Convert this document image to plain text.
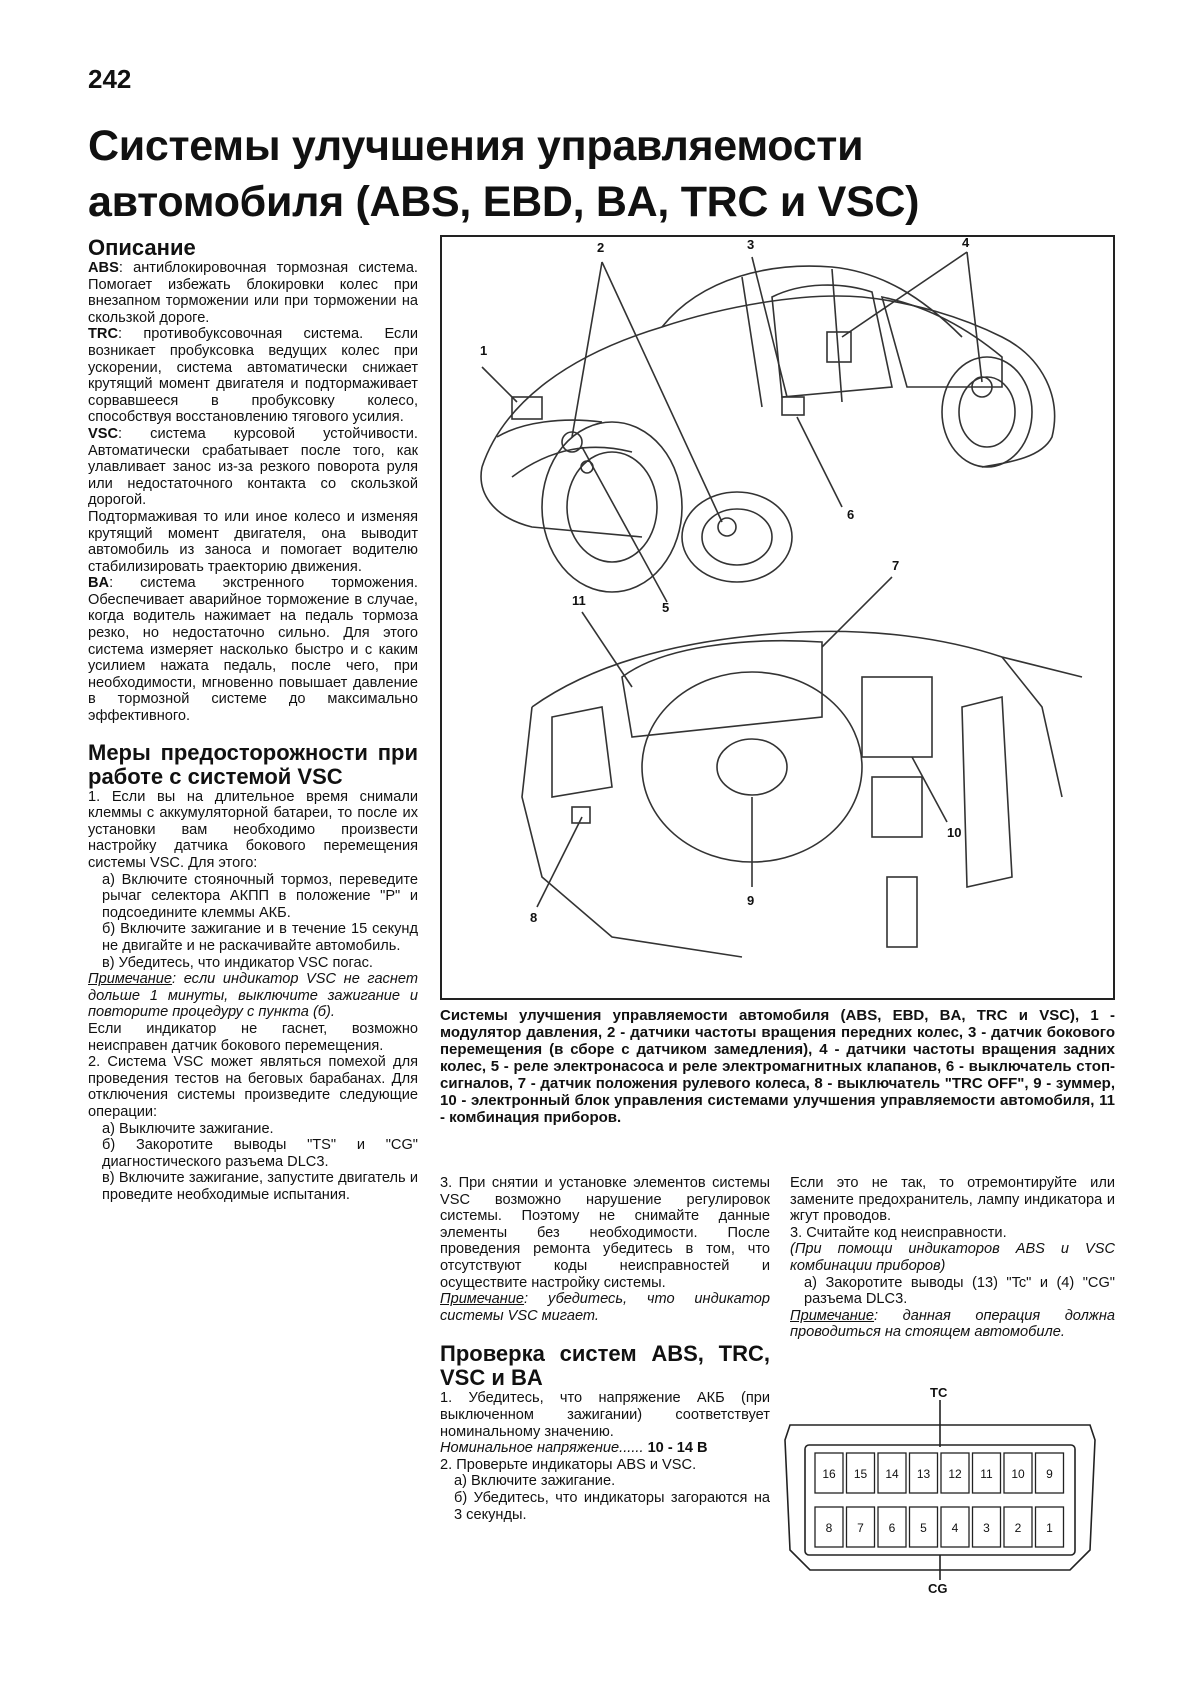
242
Системы улучшения управляемости автомобиля (ABS, EBD, BA, TRC и VSC)

Описание

ABS: антиблокировочная тормозная система. Помогает избежать блокировки колес при внезапном торможении или при торможении на скользкой дороге.

TRC: противобуксовочная система. Если возникает пробуксовка ведущих колес при ускорении, система автоматически снижает крутящий момент двигателя и подтормаживает сорвавшееся в пробуксовку колесо, способствуя восстановлению тягового усилия.

VSC: система курсовой устойчивости. Автоматически срабатывает после того, как улавливает занос из-за резкого поворота руля или недостаточного контакта со скользкой дорогой.

Подтормаживая то или иное колесо и изменяя крутящий момент двигателя, она выводит автомобиль из заноса и помогает водителю стабилизировать траекторию движения.

BA: система экстренного торможения. Обеспечивает аварийное торможение в случае, когда водитель нажимает на педаль тормоза резко, но недостаточно сильно. Для этого система измеряет насколько быстро и с каким усилием нажата педаль, после чего, при необходимости, мгновенно повышает давление в тормозной системе до максимально эффективного.

Меры предосторожности при работе с системой VSC

1. Если вы на длительное время снимали клеммы с аккумуляторной батареи, то после их установки вам необходимо произвести настройку датчика бокового перемещения системы VSC. Для этого:

а) Включите стояночный тормоз, переведите рычаг селектора АКПП в положение "P" и подсоедините клеммы АКБ.

б) Включите зажигание и в течение 15 секунд не двигайте и не раскачивайте автомобиль.

в) Убедитесь, что индикатор VSC погас.

Примечание: если индикатор VSC не гаснет дольше 1 минуты, выключите зажигание и повторите процедуру с пункта (б).

Если индикатор не гаснет, возможно неисправен датчик бокового перемещения.

2. Система VSC может являться помехой для проведения тестов на беговых барабанах. Для отключения системы произведите следующие операции:

а) Выключите зажигание.

б) Закоротите выводы "TS" и "CG" диагностического разъема DLC3.

в) Включите зажигание, запустите двигатель и проведите необходимые испытания.

1
2	3	4
5
6
7
8
9
10
11
Системы улучшения управляемости автомобиля (ABS, EBD, BA, TRC и VSC), 1 - модулятор давления, 2 - датчики частоты вращения передних колес, 3 - датчик бокового перемещения (в сборе с датчиком замедления), 4 - датчики частоты вращения задних колес, 5 - реле электронасоса и реле электромагнитных клапанов, 6 - выключатель стоп-сигналов, 7 - датчик положения рулевого колеса, 8 - выключатель "TRC OFF", 9 - зуммер, 10 - электронный блок управления системами улучшения управляемости автомобиля, 11 - комбинация приборов.

3. При снятии и установке элементов системы VSC возможно нарушение регулировок системы. Поэтому не снимайте данные элементы без необходимости. После проведения ремонта убедитесь в том, что отсутствуют коды неисправностей и осуществите настройку системы.

Примечание: убедитесь, что индикатор системы VSC мигает.

Проверка систем ABS, TRC, VSC и BA

1. Убедитесь, что напряжение АКБ (при выключенном зажигании) соответствует номинальному значению.

Номинальное напряжение...... 10 - 14 В

2. Проверьте индикаторы ABS и VSC.

а) Включите зажигание.

б) Убедитесь, что индикаторы загораются на 3 секунды.

Если это не так, то отремонтируйте или замените предохранитель, лампу индикатора и жгут проводов.

3. Считайте код неисправности.

(При помощи индикаторов ABS и VSC комбинации приборов)

а) Закоротите выводы (13) "Tc" и (4) "CG" разъема DLC3.

Примечание: данная операция должна проводиться на стоящем автомобиле.

16 15 14 13 12 11 10 9
8 7 6 5 4 3 2 1
TC
CG
